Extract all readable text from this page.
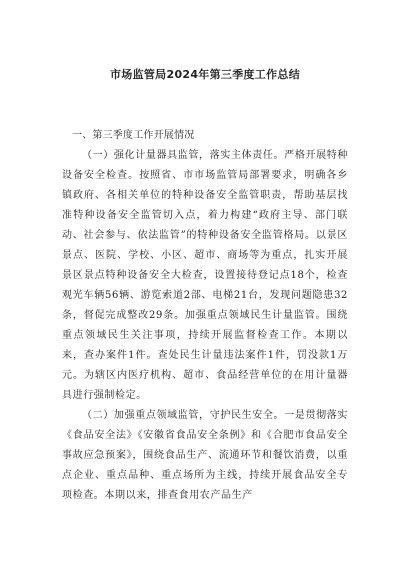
市场监管局2024年第三季度工作总结
一、第三季度工作开展情况

（一）强化计量器具监管，落实主体责任。严格开展特种设备安全检查。按照省、市市场监管局部署要求，明确各乡镇政府、各相关单位的特种设备安全监管职责，帮助基层找准特种设备安全监管切入点，着力构建“政府主导、部门联动、社会参与、依法监管”的特种设备安全监管格局。以景区景点、医院、学校、小区、超市、商场等为重点，扎实开展景区景点特种设备安全大检查，设置接待登记点18个，检查观光车辆56辆、游览索道2部、电梯21台，发现问题隐患32条，督促完成整改29条。加强重点领域民生计量监管。围绕重点领域民生关注事项，持续开展监督检查工作。本期以来，查办案件1件。查处民生计量违法案件1件，罚没款1万元。为辖区内医疗机构、超市、食品经营单位的在用计量器具进行强制检定。

（二）加强重点领域监管，守护民生安全。一是贯彻落实《食品安全法》《安徽省食品安全条例》和《合肥市食品安全事故应急预案》，围绕食品生产、流通环节和餐饮消费，以重点企业、重点品种、重点场所为主线，持续开展食品安全专项检查。本期以来，排查食用农产品生产
